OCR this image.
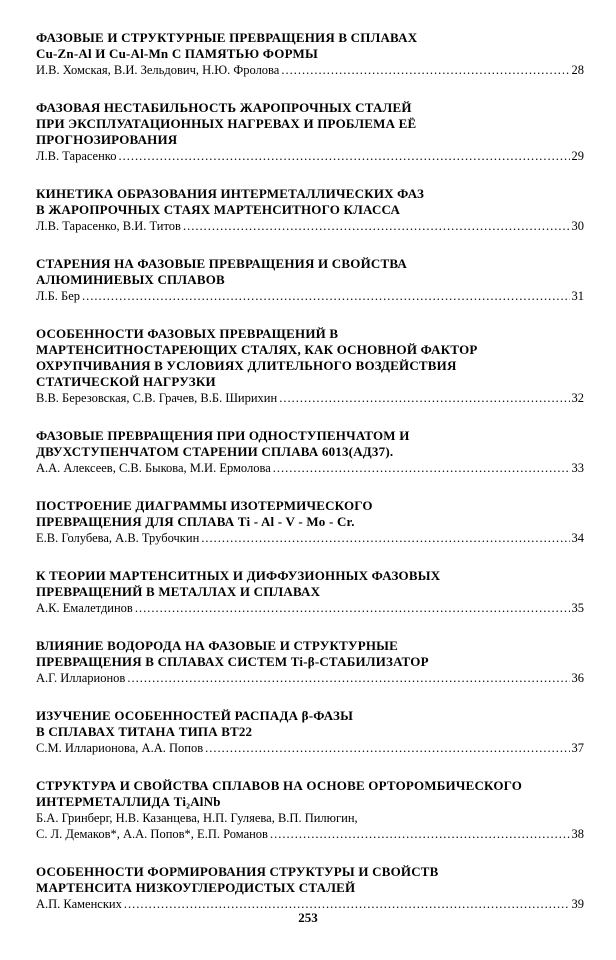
ФАЗОВЫЕ И СТРУКТУРНЫЕ ПРЕВРАЩЕНИЯ В СПЛАВАХ
Cu-Zn-Al И Cu-Al-Mn С ПАМЯТЬЮ ФОРМЫ
И.В. Хомская, В.И. Зельдович, Н.Ю. Фролова .....	28
ФАЗОВАЯ НЕСТАБИЛЬНОСТЬ ЖАРОПРОЧНЫХ СТАЛЕЙ
ПРИ ЭКСПЛУАТАЦИОННЫХ НАГРЕВАХ И ПРОБЛЕМА ЕЁ
ПРОГНОЗИРОВАНИЯ
Л.В. Тарасенко .....	29
КИНЕТИКА ОБРАЗОВАНИЯ ИНТЕРМЕТАЛЛИЧЕСКИХ ФАЗ
В ЖАРОПРОЧНЫХ СТАЯХ МАРТЕНСИТНОГО КЛАССА
Л.В. Тарасенко, В.И. Титов .....	30
СТАРЕНИЯ НА ФАЗОВЫЕ ПРЕВРАЩЕНИЯ И СВОЙСТВА
АЛЮМИНИЕВЫХ СПЛАВОВ
Л.Б. Бер .....	31
ОСОБЕННОСТИ ФАЗОВЫХ ПРЕВРАЩЕНИЙ В
МАРТЕНСИТНОСТАРЕЮЩИХ СТАЛЯХ, КАК ОСНОВНОЙ ФАКТОР
ОХРУПЧИВАНИЯ В УСЛОВИЯХ ДЛИТЕЛЬНОГО ВОЗДЕЙСТВИЯ
СТАТИЧЕСКОЙ НАГРУЗКИ
В.В. Березовская, С.В. Грачев, В.Б. Ширихин .....	32
ФАЗОВЫЕ ПРЕВРАЩЕНИЯ ПРИ ОДНОСТУПЕНЧАТОМ И
ДВУХСТУПЕНЧАТОМ СТАРЕНИИ СПЛАВА 6013(АД37).
А.А. Алексеев, С.В. Быкова, М.И. Ермолова .....	33
ПОСТРОЕНИЕ ДИАГРАММЫ ИЗОТЕРМИЧЕСКОГО
ПРЕВРАЩЕНИЯ ДЛЯ СПЛАВА Ti - Al - V - Mo - Cr.
Е.В. Голубева, А.В. Трубочкин .....	34
К ТЕОРИИ МАРТЕНСИТНЫХ И ДИФФУЗИОННЫХ ФАЗОВЫХ
ПРЕВРАЩЕНИЙ В МЕТАЛЛАХ И СПЛАВАХ
А.К. Емалетдинов .....	35
ВЛИЯНИЕ ВОДОРОДА НА ФАЗОВЫЕ И СТРУКТУРНЫЕ
ПРЕВРАЩЕНИЯ В СПЛАВАХ СИСТЕМ Ti-β-СТАБИЛИЗАТОР
А.Г. Илларионов .....	36
ИЗУЧЕНИЕ ОСОБЕННОСТЕЙ РАСПАДА β-ФАЗЫ
В СПЛАВАХ ТИТАНА ТИПА ВТ22
С.М. Илларионова, А.А. Попов .....	37
СТРУКТУРА И СВОЙСТВА СПЛАВОВ НА ОСНОВЕ ОРТОРОМБИЧЕСКОГО
ИНТЕРМЕТАЛЛИДА Ti₂AlNb
Б.А. Гринберг, Н.В. Казанцева, Н.П. Гуляева, В.П. Пилюгин,
С. Л. Демаков*, А.А. Попов*, Е.П. Романов .....	38
ОСОБЕННОСТИ ФОРМИРОВАНИЯ СТРУКТУРЫ И СВОЙСТВ
МАРТЕНСИТА НИЗКОУГЛЕРОДИСТЫХ СТАЛЕЙ
А.П. Каменских .....	39
253
